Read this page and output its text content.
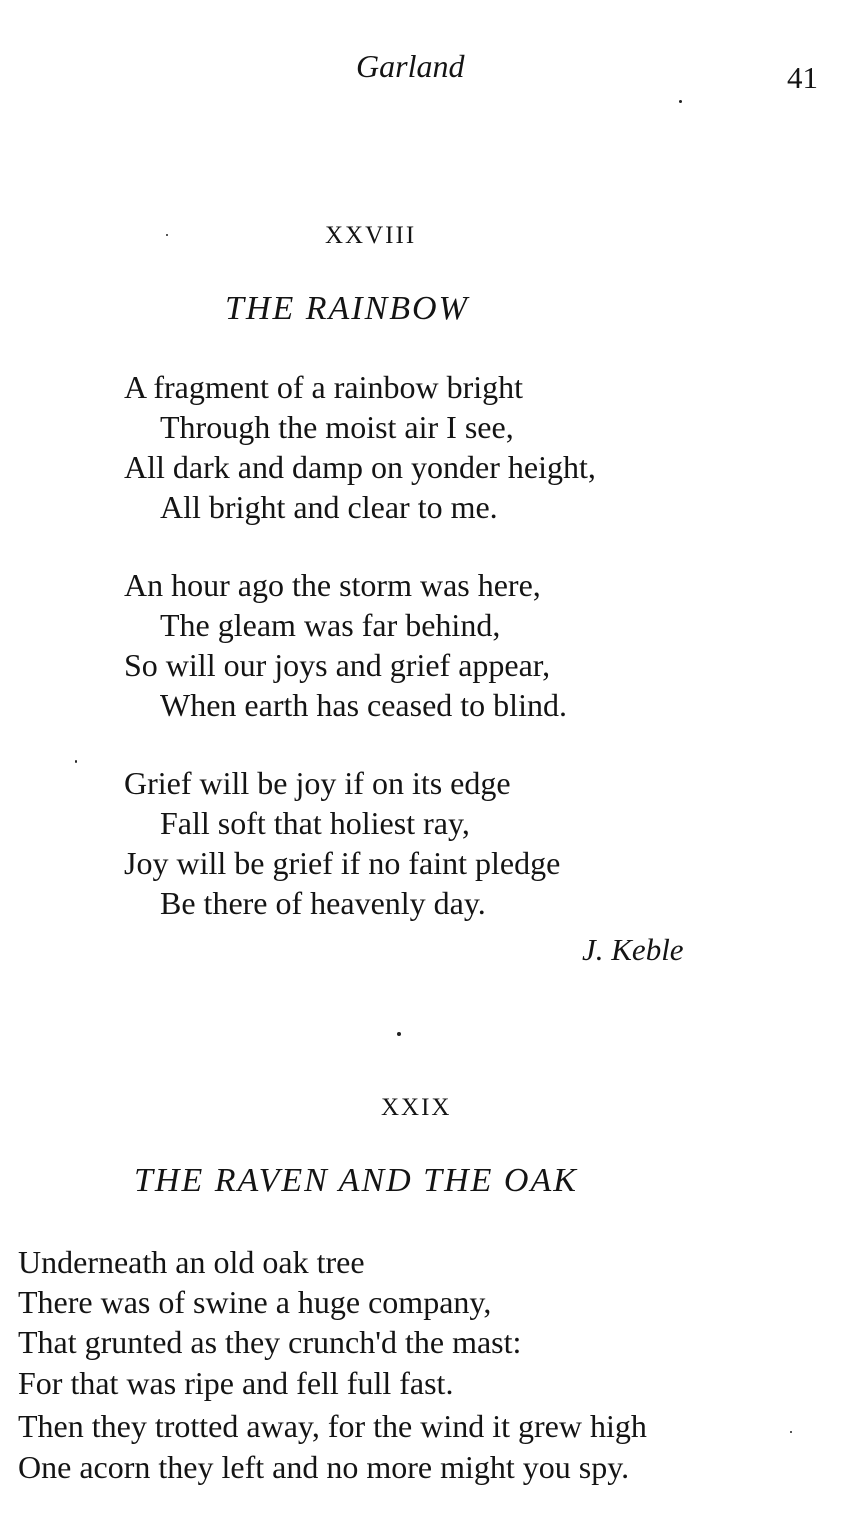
Garland	41
XXVIII
THE RAINBOW
A fragment of a rainbow bright
Through the moist air I see,
All dark and damp on yonder height,
All bright and clear to me.
An hour ago the storm was here,
The gleam was far behind,
So will our joys and grief appear,
When earth has ceased to blind.
Grief will be joy if on its edge
Fall soft that holiest ray,
Joy will be grief if no faint pledge
Be there of heavenly day.
J. Keble
XXIX
THE RAVEN AND THE OAK
Underneath an old oak tree
There was of swine a huge company,
That grunted as they crunch'd the mast:
For that was ripe and fell full fast.
Then they trotted away, for the wind it grew high
One acorn they left and no more might you spy.
